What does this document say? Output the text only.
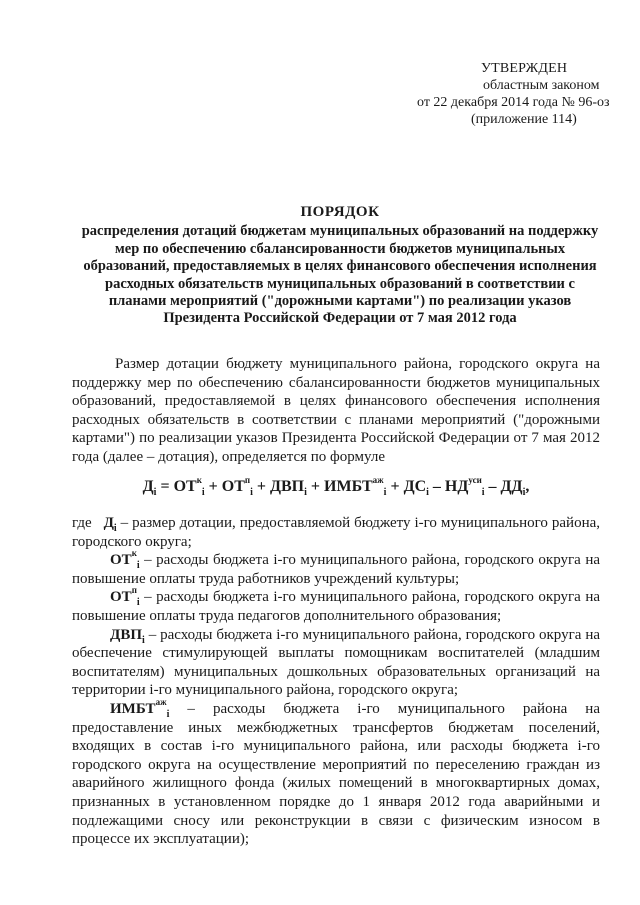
УТВЕРЖДЕН
областным законом
от 22 декабря 2014 года № 96-оз
(приложение 114)
ПОРЯДОК
распределения дотаций бюджетам муниципальных образований на поддержку мер по обеспечению сбалансированности бюджетов муниципальных образований, предоставляемых в целях финансового обеспечения исполнения расходных обязательств муниципальных образований в соответствии с планами мероприятий ("дорожными картами") по реализации указов Президента Российской Федерации от 7 мая 2012 года

Размер дотации бюджету муниципального района, городского округа на поддержку мер по обеспечению сбалансированности бюджетов муниципальных образований, предоставляемой в целях финансового обеспечения исполнения расходных обязательств в соответствии с планами мероприятий ("дорожными картами") по реализации указов Президента Российской Федерации от 7 мая 2012 года (далее – дотация), определяется по формуле

$Д_i = ОТ^к_i + ОТ^п_i + ДВП_i$ + $ИМБТ^{аж}_i + ДС_i - НД^{уси}_i - ДД_i$,

где $Д_i$ – размер дотации, предоставляемой бюджету i-го муниципального района, городского округа;

$ОТ^к_i$ – расходы бюджета i-го муниципального района, городского округа на повышение оплаты труда работников учреждений культуры;

$ОТ^п_i$ – расходы бюджета i-го муниципального района, городского округа на повышение оплаты труда педагогов дополнительного образования;

$ДВП_i$ – расходы бюджета i-го муниципального района, городского округа на обеспечение стимулирующей выплаты помощникам воспитателей (младшим воспитателям) муниципальных дошкольных образовательных организаций на территории i-го муниципального района, городского округа;

$ИМБТ^{аж}_i$ – расходы бюджета i-го муниципального района на предоставление иных межбюджетных трансфертов бюджетам поселений, входящих в состав i-го муниципального района, или расходы бюджета i-го городского округа на осуществление мероприятий по переселению граждан из аварийного жилищного фонда (жилых помещений в многоквартирных домах, признанных в установленном порядке до 1 января 2012 года аварийными и подлежащими сносу или реконструкции в связи с физическим износом в процессе их эксплуатации);
